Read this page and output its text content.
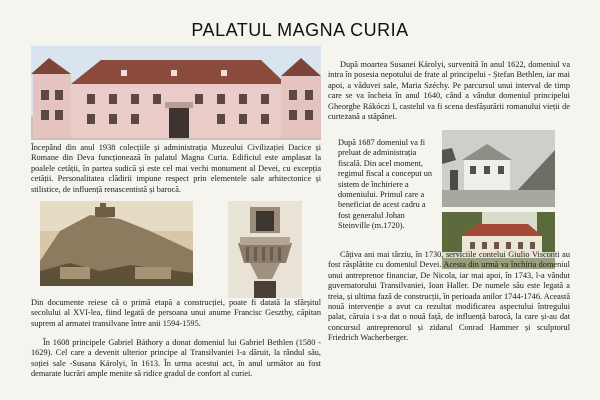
PALATUL MAGNA CURIA
Începând din anul 1938 colecțiile și administrația Muzeului Civilizației Dacice și Romane din Deva funcționează în palatul Magna Curia. Edificiul este amplasat la poalele cetății, în partea sudică și este cel mai vechi monument al Devei, cu excepția cetății. Personalitatea clădirii impune respect prin elementele sale arhitectonice și stilistice, de influență renascentistă și barocă.
Din documente reiese că o primă etapă a construcției, poate fi datată la sfârșitul secolului al XVI-lea, fiind legată de persoana unui anume Francisc Geszthy, căpitan suprem al armatei transilvane între anii 1594-1595.
În 1608 principele Gabriel Báthory a donat domeniul lui Gabriel Bethlen (1580 - 1629). Cel care a devenit ulterior principe al Transilvaniei l-a dăruit, la rândul său, soției sale -Susana Károlyi, în 1613. În urma acestui act, în anul următor au fost demarate lucrări ample menite să ridice gradul de confort al curiei.
După moartea Susanei Károlyi, survenită în anul 1622, domeniul va intra în posesia nepotului de frate al principelui - Ștefan Bethlen, iar mai apoi, a văduvei sale, Maria Széchy. Pe parcursul unui interval de timp care se va încheia în anul 1640, când a vândut domeniul principelui Gheorghe Rákóczi I, castelul va fi scena desfășurării romanului vieții de curtezană a stăpânei.
După 1687 domeniul va fi preluat de administrația fiscală. Din acel moment, regimul fiscal a conceput un sistem de închiriere a domeniului. Primul care a beneficiat de acest cadru a fost generalul Johan Steinville (m.1720).
Câțiva ani mai târziu, în 1730, serviciile contelui Giulio Visconti au fost răsplătite cu domeniul Devei. Acesta din urmă va închiria domeniul unui antreprenor financiar, De Nicola, iar mai apoi, în 1743, l-a vândut guvernatorului Transilvaniei, Ioan Haller. De numele său este legată a treia, și ultima fază de construcții, în perioada anilor 1744-1746. Această nouă intervenție a avut ca rezultat modificarea aspectului întregului palat, căruia i s-a dat o nouă față, de influență barocă, la care și-au dat concursul antreprenorul și zidarul Conrad Hammer și sculptorul Friedrich Wacherberger.
